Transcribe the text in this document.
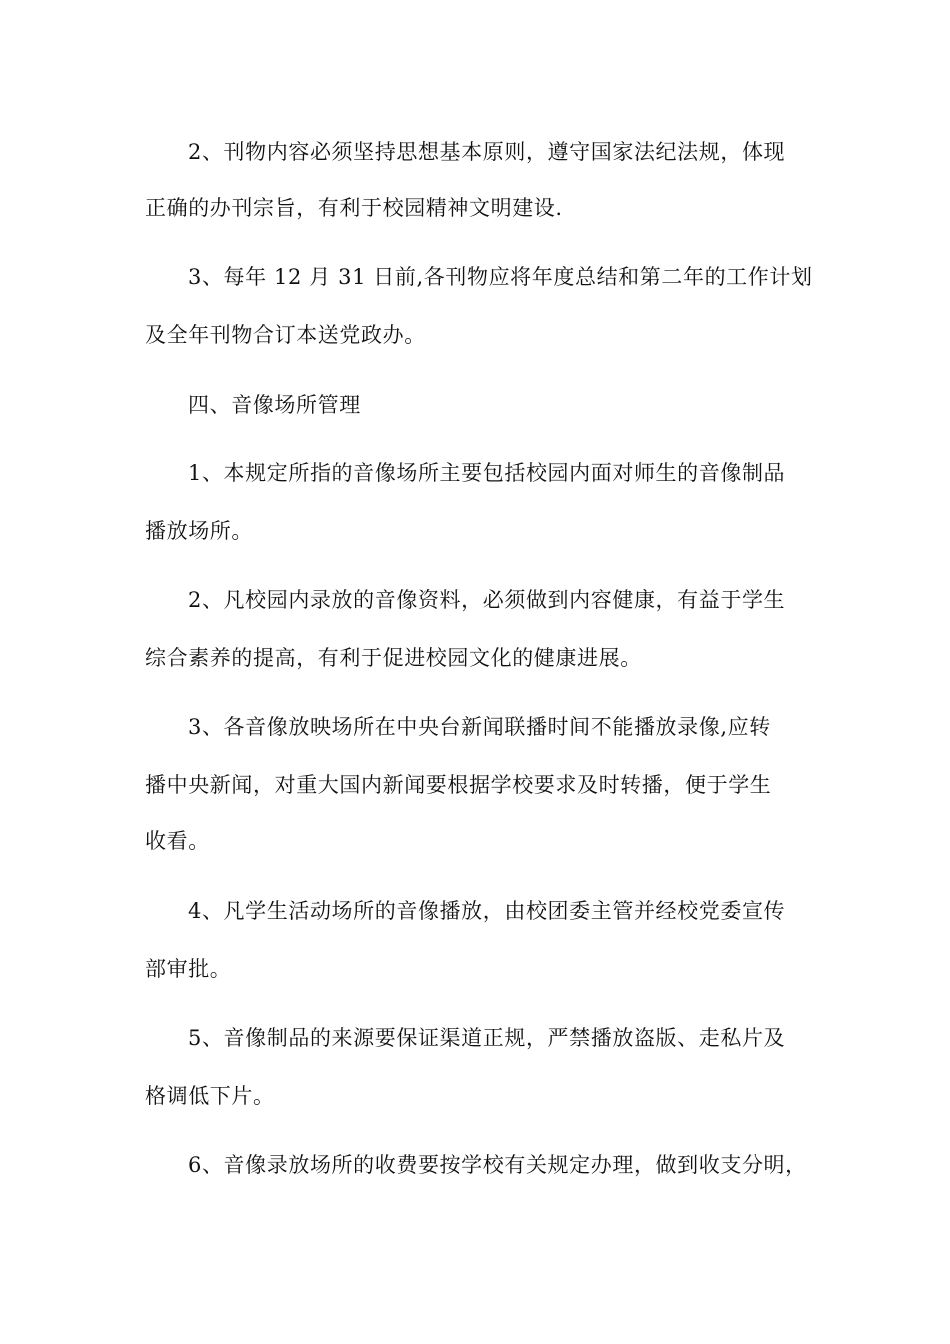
2、刊物内容必须坚持思想基本原则，遵守国家法纪法规，体现
正确的办刊宗旨，有利于校园精神文明建设.
3、每年 12 月 31 日前,各刊物应将年度总结和第二年的工作计划
及全年刊物合订本送党政办。
四、音像场所管理
1、本规定所指的音像场所主要包括校园内面对师生的音像制品
播放场所。
2、凡校园内录放的音像资料，必须做到内容健康，有益于学生
综合素养的提高，有利于促进校园文化的健康进展。
3、各音像放映场所在中央台新闻联播时间不能播放录像,应转
播中央新闻，对重大国内新闻要根据学校要求及时转播，便于学生
收看。
4、凡学生活动场所的音像播放，由校团委主管并经校党委宣传
部审批。
5、音像制品的来源要保证渠道正规，严禁播放盗版、走私片及
格调低下片。
6、音像录放场所的收费要按学校有关规定办理，做到收支分明，
